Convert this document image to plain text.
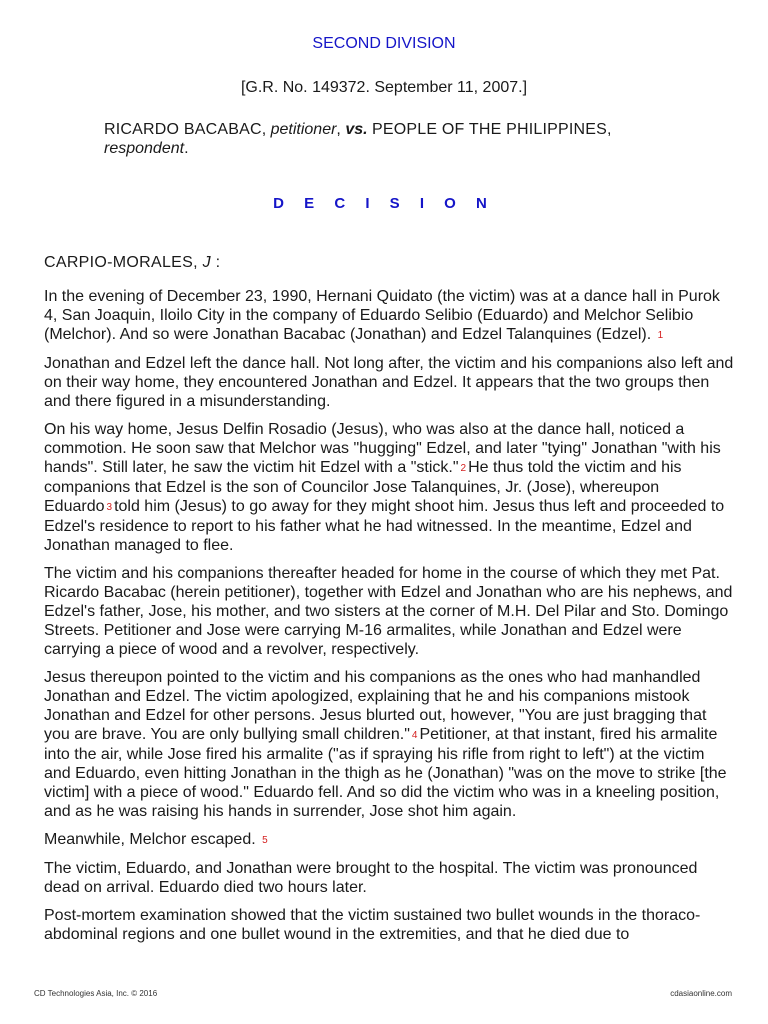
SECOND DIVISION
[G.R. No. 149372. September 11, 2007.]
RICARDO BACABAC, petitioner, vs. PEOPLE OF THE PHILIPPINES,
respondent.
D E C I S I O N
CARPIO-MORALES, J :

In the evening of December 23, 1990, Hernani Quidato (the victim) was at a dance hall in Purok 4, San Joaquin, Iloilo City in the company of Eduardo Selibio (Eduardo) and Melchor Selibio (Melchor). And so were Jonathan Bacabac (Jonathan) and Edzel Talanquines (Edzel). 1

Jonathan and Edzel left the dance hall. Not long after, the victim and his companions also left and on their way home, they encountered Jonathan and Edzel. It appears that the two groups then and there figured in a misunderstanding.

On his way home, Jesus Delfin Rosadio (Jesus), who was also at the dance hall, noticed a commotion. He soon saw that Melchor was "hugging" Edzel, and later "tying" Jonathan "with his hands". Still later, he saw the victim hit Edzel with a "stick." 2 He thus told the victim and his companions that Edzel is the son of Councilor Jose Talanquines, Jr. (Jose), whereupon Eduardo 3 told him (Jesus) to go away for they might shoot him. Jesus thus left and proceeded to Edzel's residence to report to his father what he had witnessed. In the meantime, Edzel and Jonathan managed to flee.

The victim and his companions thereafter headed for home in the course of which they met Pat. Ricardo Bacabac (herein petitioner), together with Edzel and Jonathan who are his nephews, and Edzel's father, Jose, his mother, and two sisters at the corner of M.H. Del Pilar and Sto. Domingo Streets. Petitioner and Jose were carrying M-16 armalites, while Jonathan and Edzel were carrying a piece of wood and a revolver, respectively.

Jesus thereupon pointed to the victim and his companions as the ones who had manhandled Jonathan and Edzel. The victim apologized, explaining that he and his companions mistook Jonathan and Edzel for other persons. Jesus blurted out, however, "You are just bragging that you are brave. You are only bullying small children." 4 Petitioner, at that instant, fired his armalite into the air, while Jose fired his armalite ("as if spraying his rifle from right to left") at the victim and Eduardo, even hitting Jonathan in the thigh as he (Jonathan) "was on the move to strike [the victim] with a piece of wood." Eduardo fell. And so did the victim who was in a kneeling position, and as he was raising his hands in surrender, Jose shot him again.

Meanwhile, Melchor escaped. 5

The victim, Eduardo, and Jonathan were brought to the hospital. The victim was pronounced dead on arrival. Eduardo died two hours later.

Post-mortem examination showed that the victim sustained two bullet wounds in the thoraco-abdominal regions and one bullet wound in the extremities, and that he died due to

CD Technologies Asia, Inc. © 2016	cdasiaonline.com
